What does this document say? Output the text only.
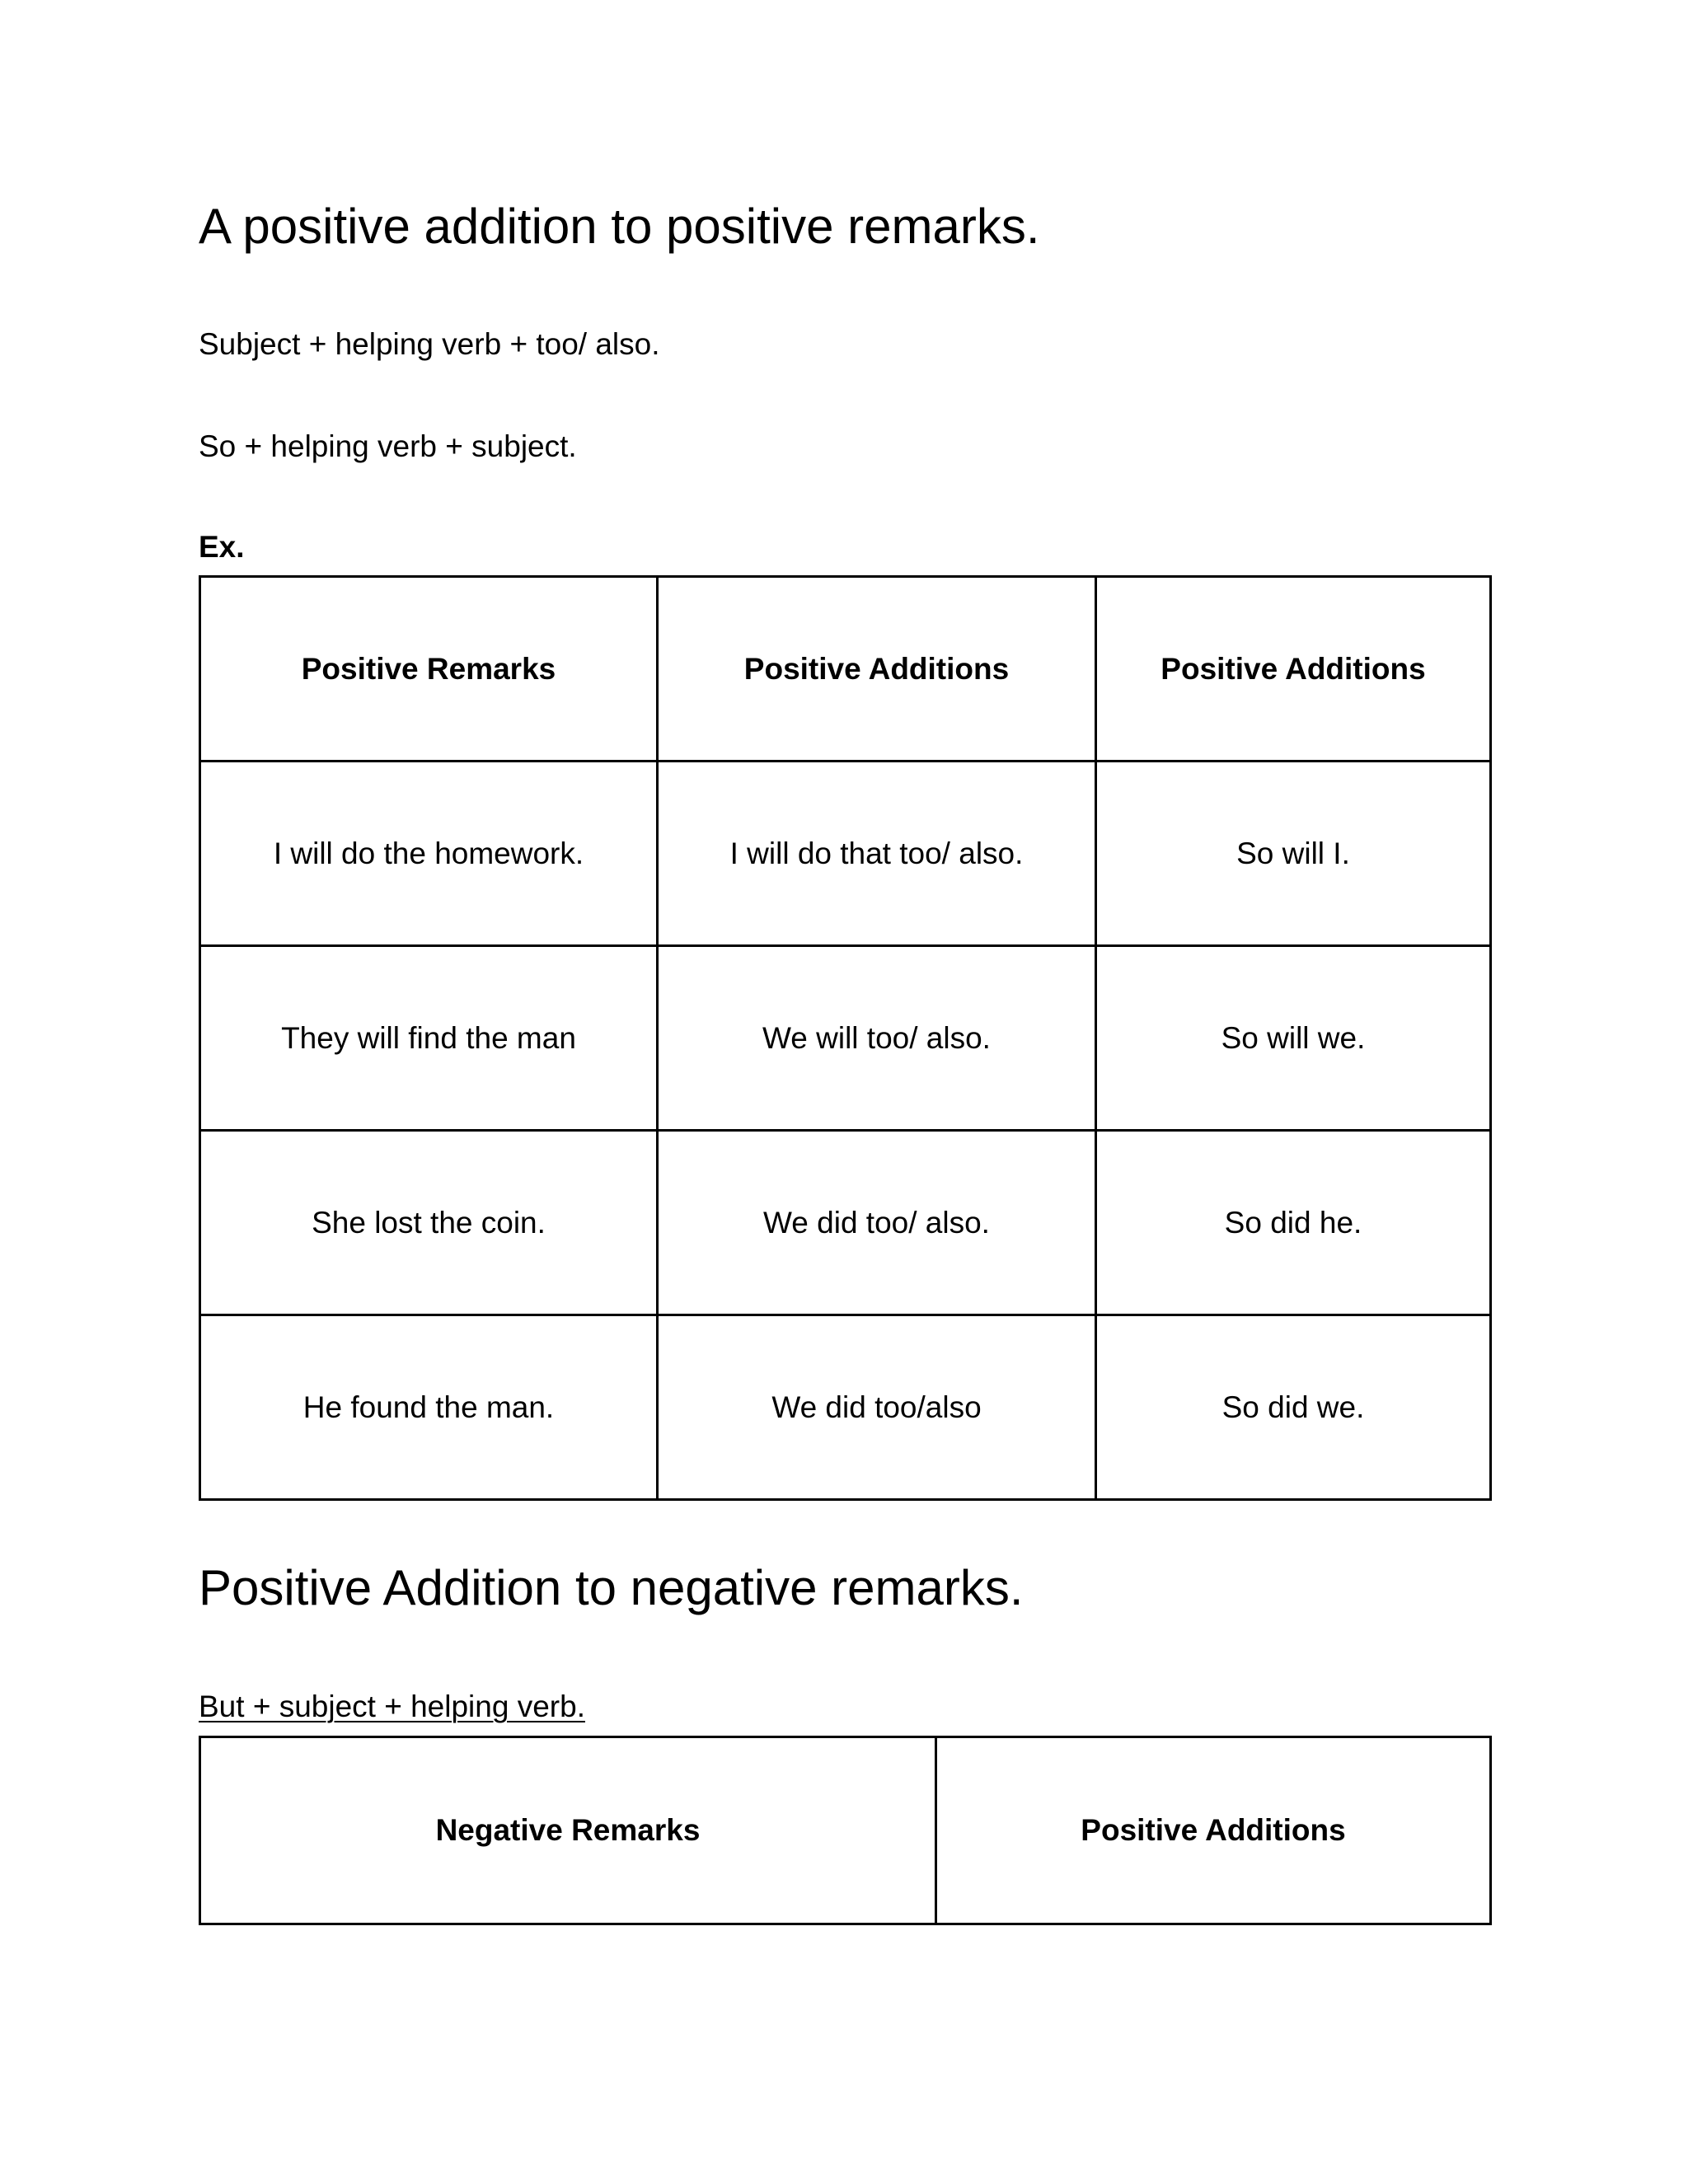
A positive addition to positive remarks.

Subject + helping verb + too/ also.

So + helping verb + subject.

Ex.

Positive Remarks	Positive Additions	Positive Additions
I will do the homework.	I will do that too/ also.	So will I.
They will find the man	We will too/ also.	So will we.
She lost the coin.	We did too/ also.	So did he.
He found the man.	We did too/also	So did we.
Positive Addition to negative remarks.

But + subject + helping verb.

Negative Remarks	Positive Additions
